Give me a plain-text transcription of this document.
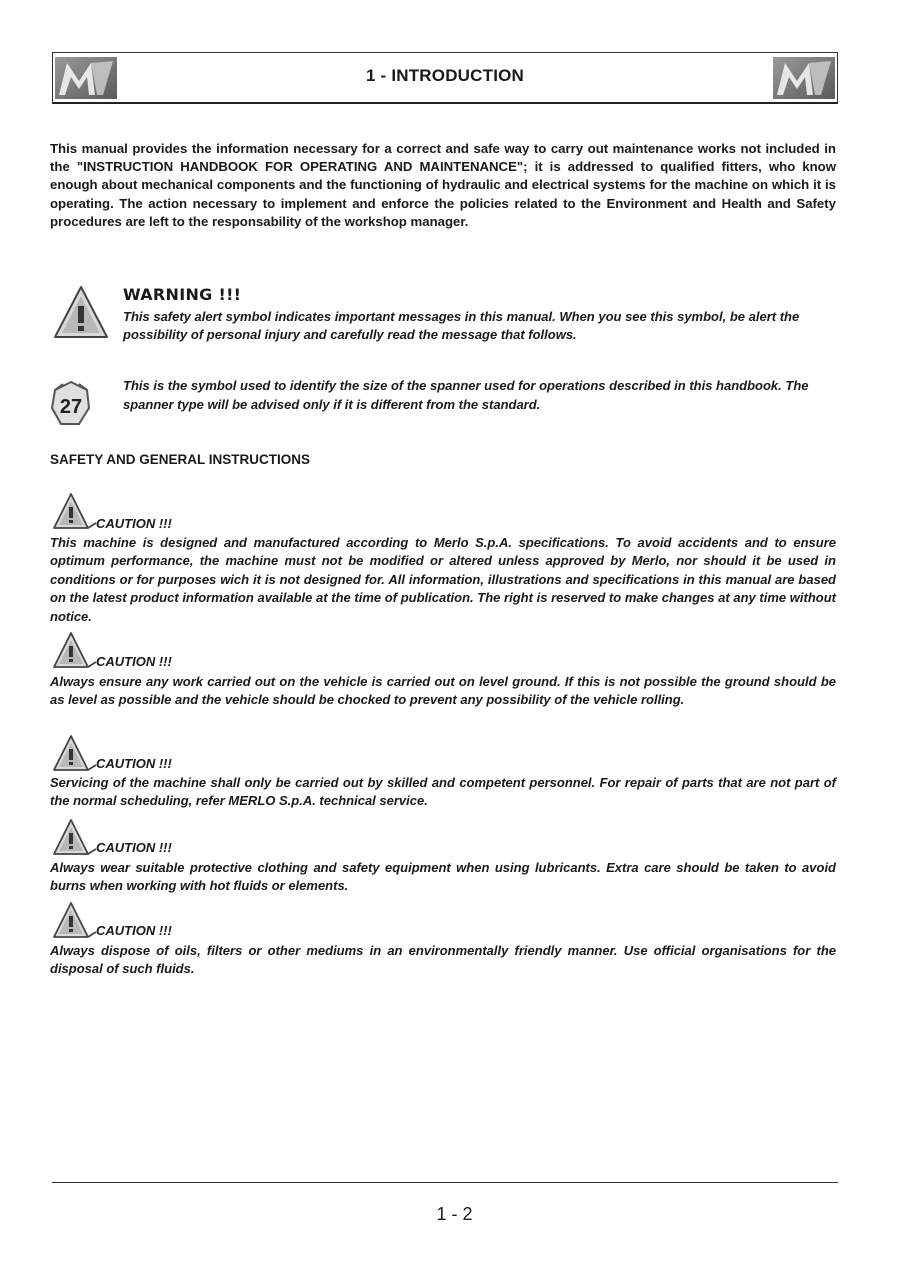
1 - INTRODUCTION

This manual provides the information necessary for a correct and safe way to carry out maintenance works not included in the "INSTRUCTION HANDBOOK FOR OPERATING AND MAINTENANCE"; it is addressed to qualified fitters, who know enough about mechanical components and the functioning of hydraulic and electrical systems for the machine on which it is operating. The action necessary to implement and enforce the policies related to the Environment and Health and Safety procedures are left to the responsability of the workshop manager.

WARNING !!!

This safety alert symbol indicates important messages in this manual. When you see this symbol, be alert the possibility of personal injury and carefully read the message that follows.

27

This is the symbol used to identify the size of the spanner used for operations described in this handbook. The spanner type will be advised only if it is different from the standard.

SAFETY AND GENERAL INSTRUCTIONS
CAUTION !!!

This machine is designed and manufactured according to Merlo S.p.A. specifications. To avoid accidents and to ensure optimum performance, the machine must not be modified or altered unless approved by Merlo, nor should it be used in conditions or for purposes wich it is not designed for. All information, illustrations and specifications in this manual are based on the latest product information available at the time of publication. The right is reserved to make changes at any time without notice.

CAUTION !!!

Always ensure any work carried out on the vehicle is carried out on level ground. If this is not possible the ground should be as level as possible and the vehicle should be chocked to prevent any possibility of the vehicle rolling.

CAUTION !!!

Servicing of the machine shall only be carried out by skilled and competent personnel. For repair of parts that are not part of the normal scheduling, refer MERLO S.p.A. technical service.

CAUTION !!!

Always wear suitable protective clothing and safety equipment when using lubricants. Extra care should be taken to avoid burns when working with hot fluids or elements.

CAUTION !!!

Always dispose of oils, filters or other mediums in an environmentally friendly manner. Use official organisations for the disposal of such fluids.

1 - 2
